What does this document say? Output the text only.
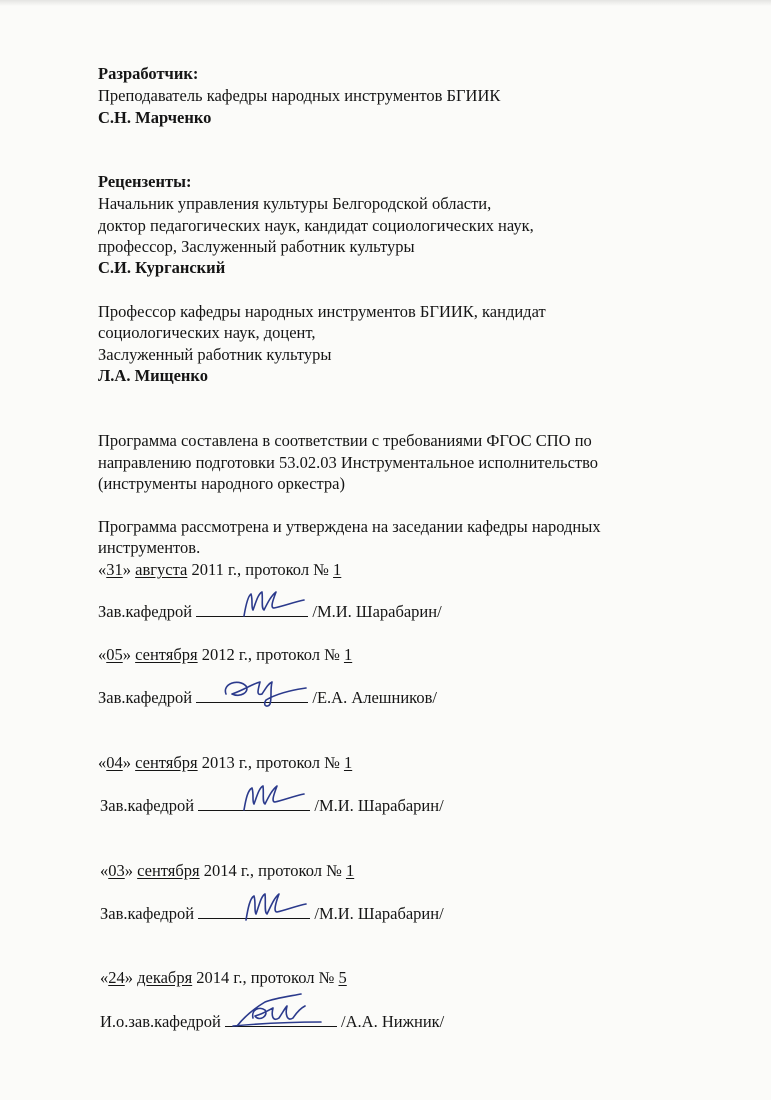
Разработчик:
Преподаватель кафедры народных инструментов БГИИК
С.Н. Марченко
Рецензенты:
Начальник управления культуры Белгородской области,
доктор педагогических наук, кандидат социологических наук,
профессор, Заслуженный работник культуры
С.И. Курганский
Профессор кафедры народных инструментов БГИИК, кандидат
социологических наук, доцент,
Заслуженный работник культуры
Л.А. Мищенко
Программа составлена в соответствии с требованиями ФГОС СПО по
направлению подготовки 53.02.03 Инструментальное исполнительство
(инструменты народного оркестра)
Программа рассмотрена и утверждена на заседании кафедры народных
инструментов.
«31» августа 2011 г., протокол № 1
Зав.кафедрой	/М.И. Шарабарин/
«05» сентября 2012 г., протокол № 1
Зав.кафедрой	/Е.А. Алешников/
«04» сентября 2013 г., протокол № 1
Зав.кафедрой	/М.И. Шарабарин/
«03» сентября 2014 г., протокол № 1
Зав.кафедрой	/М.И. Шарабарин/
«24» декабря 2014 г., протокол № 5
И.о.зав.кафедрой	/А.А. Нижник/
